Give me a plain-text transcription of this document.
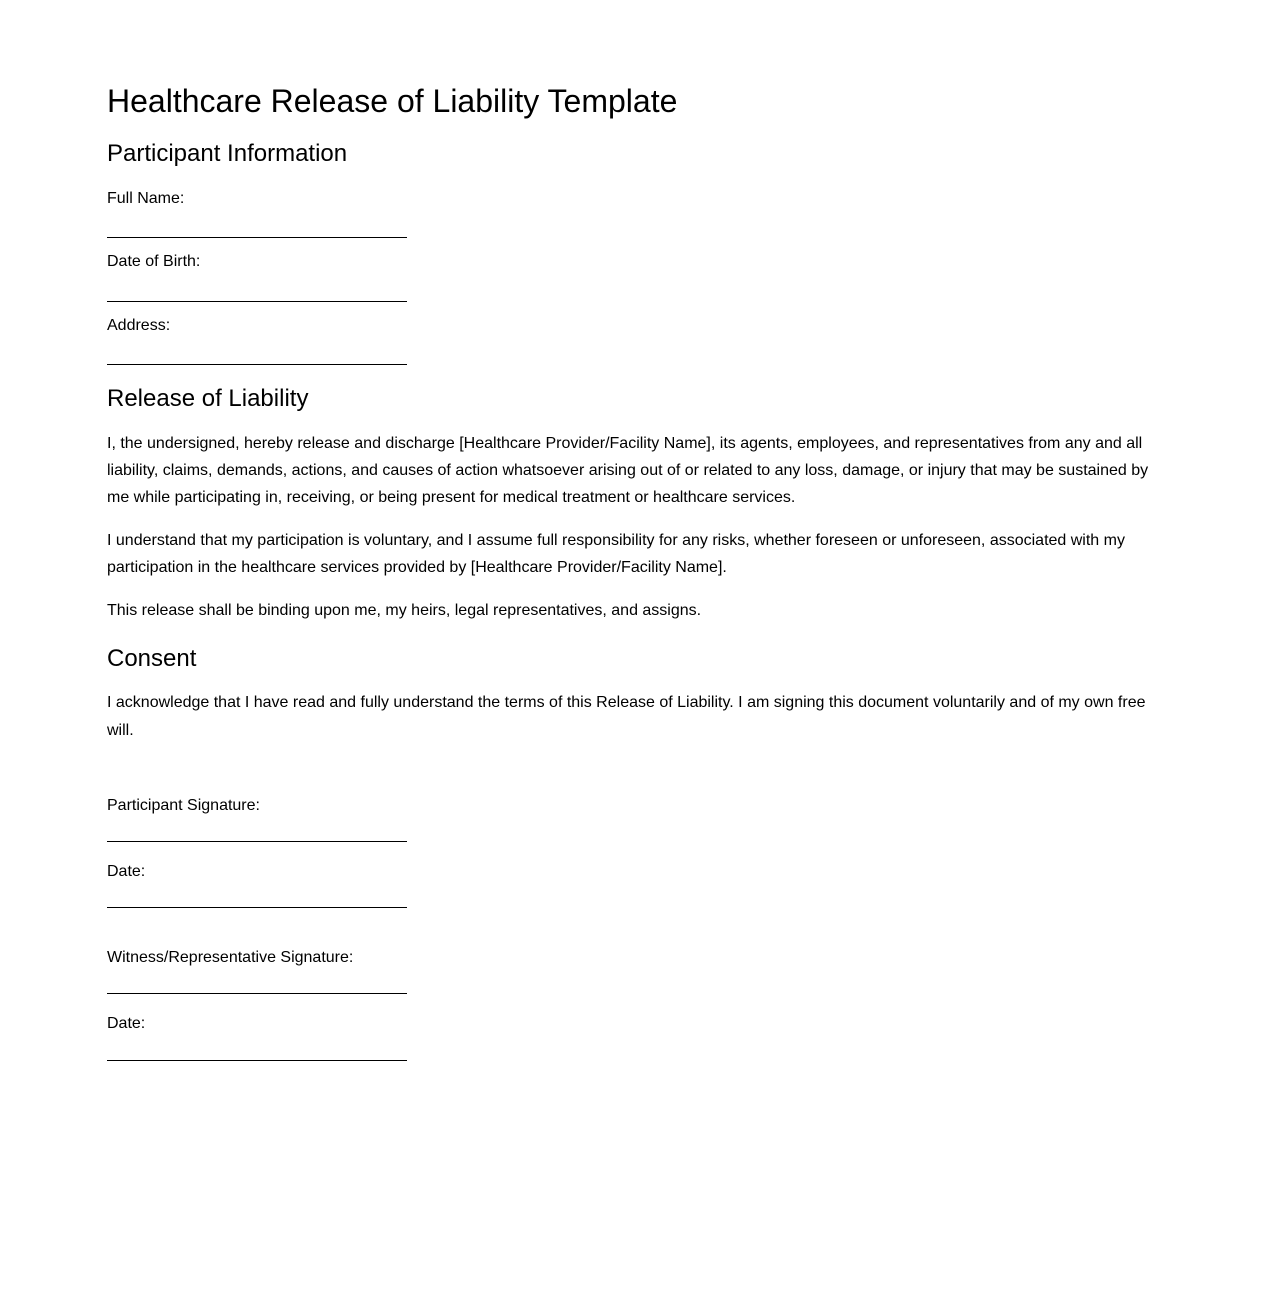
Healthcare Release of Liability Template
Participant Information

Full Name:

Date of Birth:

Address:

Release of Liability

I, the undersigned, hereby release and discharge [Healthcare Provider/Facility Name], its agents, employees, and representatives from any and all liability, claims, demands, actions, and causes of action whatsoever arising out of or related to any loss, damage, or injury that may be sustained by me while participating in, receiving, or being present for medical treatment or healthcare services.

I understand that my participation is voluntary, and I assume full responsibility for any risks, whether foreseen or unforeseen, associated with my participation in the healthcare services provided by [Healthcare Provider/Facility Name].

This release shall be binding upon me, my heirs, legal representatives, and assigns.

Consent

I acknowledge that I have read and fully understand the terms of this Release of Liability. I am signing this document voluntarily and of my own free will.

Participant Signature:

Date:

Witness/Representative Signature:

Date:
